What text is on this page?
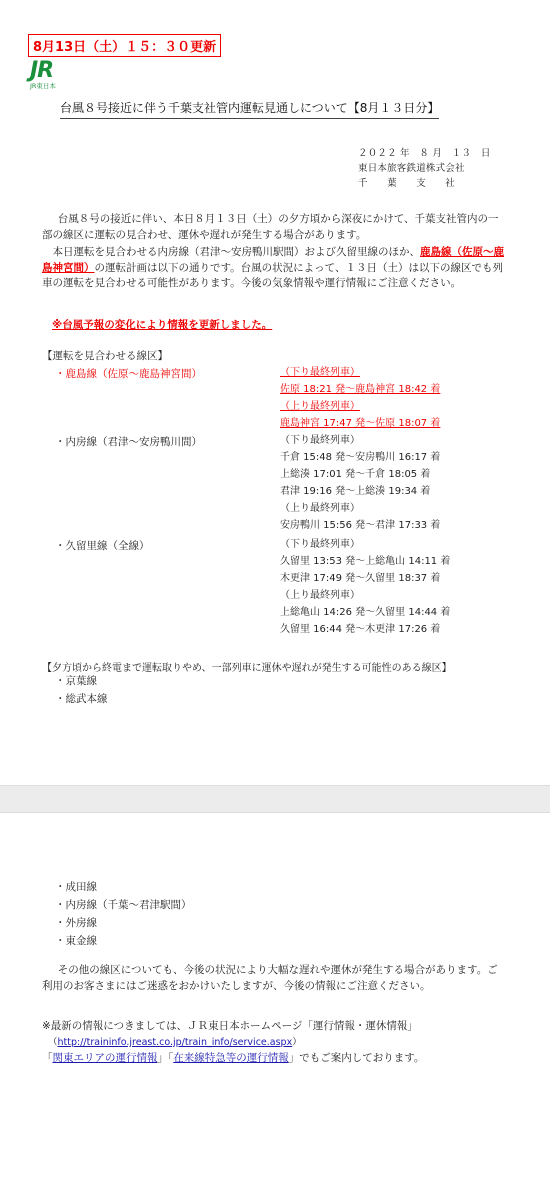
8月13日（土）１５：３０更新
JR
JR東日本
台風８号接近に伴う千葉支社管内運転見通しについて【8月１３日分】
２０２２ 年　８ 月　１３　日
東日本旅客鉄道株式会社
千　　葉　　支　　社
台風８号の接近に伴い、本日８月１３日（土）の夕方頃から深夜にかけて、千葉支社管内の一部の線区に運転の見合わせ、運休や遅れが発生する場合があります。
本日運転を見合わせる内房線（君津～安房鴨川駅間）および久留里線のほか、鹿島線（佐原～鹿島神宮間）の運転計画は以下の通りです。台風の状況によって、１３日（土）は以下の線区でも列車の運転を見合わせる可能性があります。今後の気象情報や運行情報にご注意ください。
※台風予報の変化により情報を更新しました。
【運転を見合わせる線区】
・鹿島線（佐原～鹿島神宮間）	（下り最終列車）
佐原 18:21 発～鹿島神宮 18:42 着
（上り最終列車）
鹿島神宮 17:47 発～佐原 18:07 着
・内房線（君津～安房鴨川間）	（下り最終列車）
千倉 15:48 発～安房鴨川 16:17 着
上総湊 17:01 発～千倉 18:05 着
君津 19:16 発～上総湊 19:34 着
（上り最終列車）
安房鴨川 15:56 発～君津 17:33 着
・久留里線（全線）	（下り最終列車）
久留里 13:53 発～上総亀山 14:11 着
木更津 17:49 発～久留里 18:37 着
（上り最終列車）
上総亀山 14:26 発～久留里 14:44 着
久留里 16:44 発～木更津 17:26 着
【夕方頃から終電まで運転取りやめ、一部列車に運休や遅れが発生する可能性のある線区】
・京葉線
・総武本線
・成田線
・内房線（千葉～君津駅間）
・外房線
・東金線
その他の線区についても、今後の状況により大幅な遅れや運休が発生する場合があります。ご利用のお客さまにはご迷惑をおかけいたしますが、今後の情報にご注意ください。
※最新の情報につきましては、ＪＲ東日本ホームページ「運行情報・運休情報」
（http://traininfo.jreast.co.jp/train_info/service.aspx）
「関東エリアの運行情報」「在来線特急等の運行情報」でもご案内しております。
